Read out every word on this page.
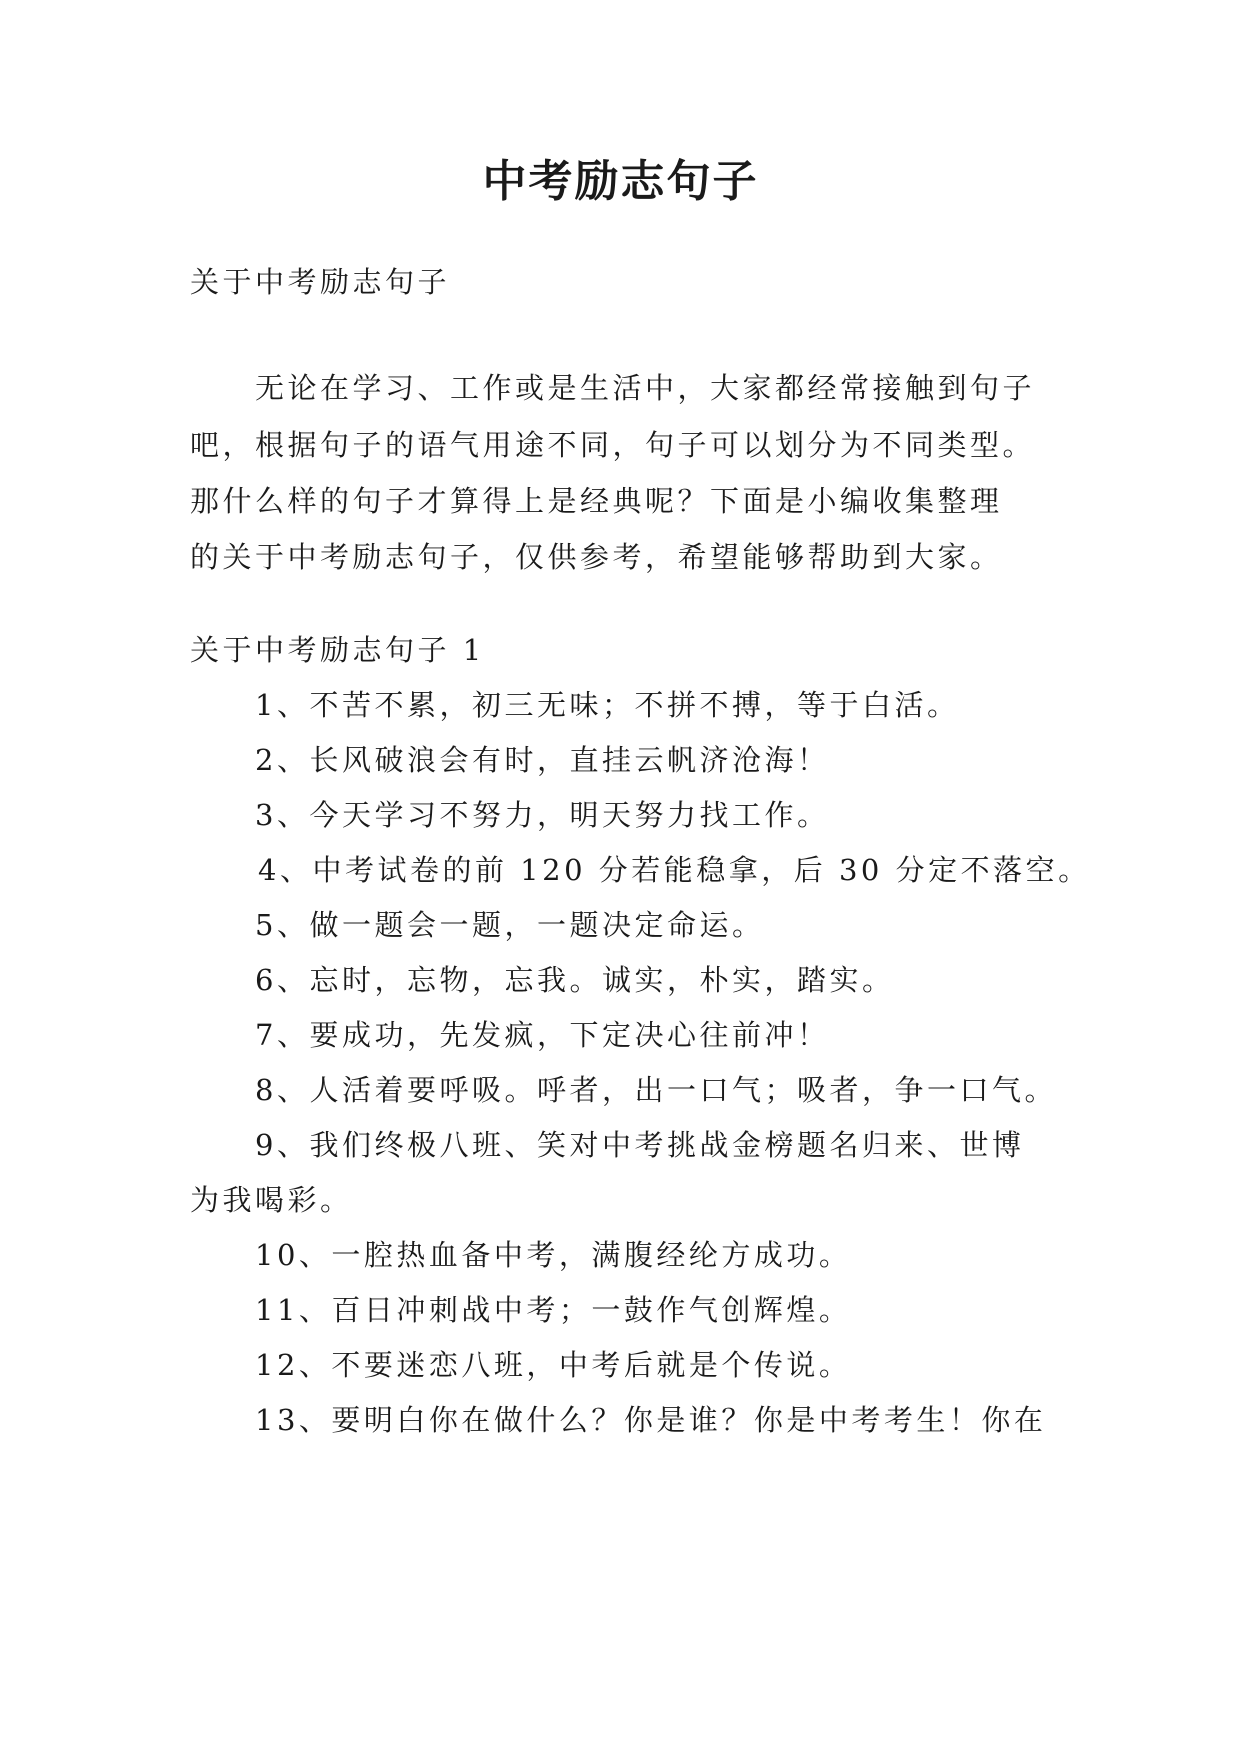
中考励志句子
关于中考励志句子
无论在学习、工作或是生活中，大家都经常接触到句子
吧，根据句子的语气用途不同，句子可以划分为不同类型。
那什么样的句子才算得上是经典呢？下面是小编收集整理
的关于中考励志句子，仅供参考，希望能够帮助到大家。
关于中考励志句子 1
1、不苦不累，初三无味；不拼不搏，等于白活。
2、长风破浪会有时，直挂云帆济沧海！
3、今天学习不努力，明天努力找工作。
4、中考试卷的前 120 分若能稳拿，后 30 分定不落空。
5、做一题会一题，一题决定命运。
6、忘时，忘物，忘我。诚实，朴实，踏实。
7、要成功，先发疯，下定决心往前冲！
8、人活着要呼吸。呼者，出一口气；吸者，争一口气。
9、我们终极八班、笑对中考挑战金榜题名归来、世博
为我喝彩。
10、一腔热血备中考，满腹经纶方成功。
11、百日冲刺战中考；一鼓作气创辉煌。
12、不要迷恋八班，中考后就是个传说。
13、要明白你在做什么？你是谁？你是中考考生！你在
